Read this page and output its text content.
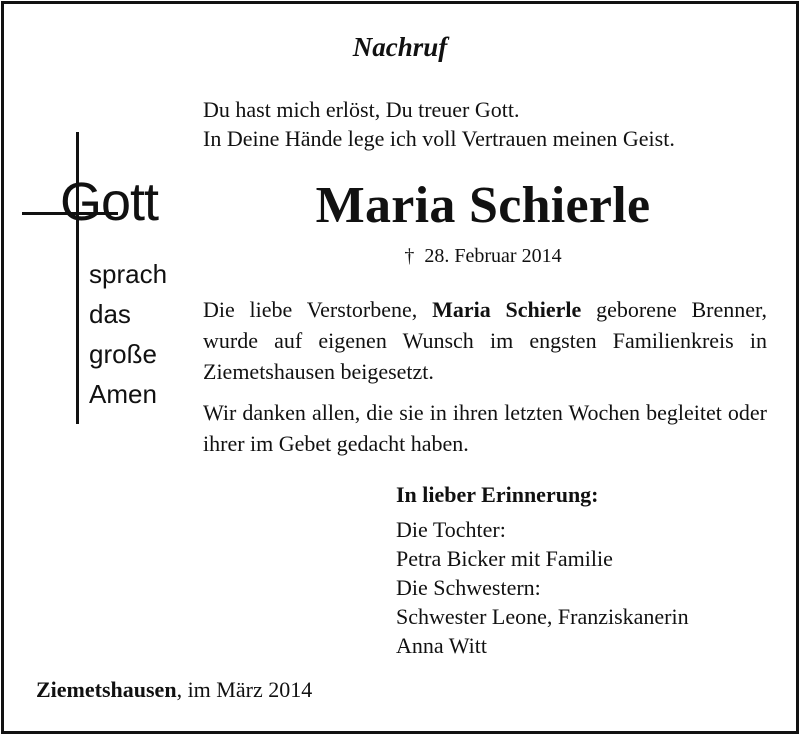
Gott
sprach
das
große
Amen
Nachruf
Du hast mich erlöst, Du treuer Gott.
In Deine Hände lege ich voll Vertrauen meinen Geist.
Maria Schierle
† 28. Februar 2014
Die liebe Verstorbene, Maria Schierle geborene Brenner, wurde auf eigenen Wunsch im engsten Familienkreis in Ziemetshausen beigesetzt.
Wir danken allen, die sie in ihren letzten Wochen begleitet oder ihrer im Gebet gedacht haben.
In lieber Erinnerung:
Die Tochter:
Petra Bicker mit Familie
Die Schwestern:
Schwester Leone, Franziskanerin
Anna Witt
Ziemetshausen, im März 2014
